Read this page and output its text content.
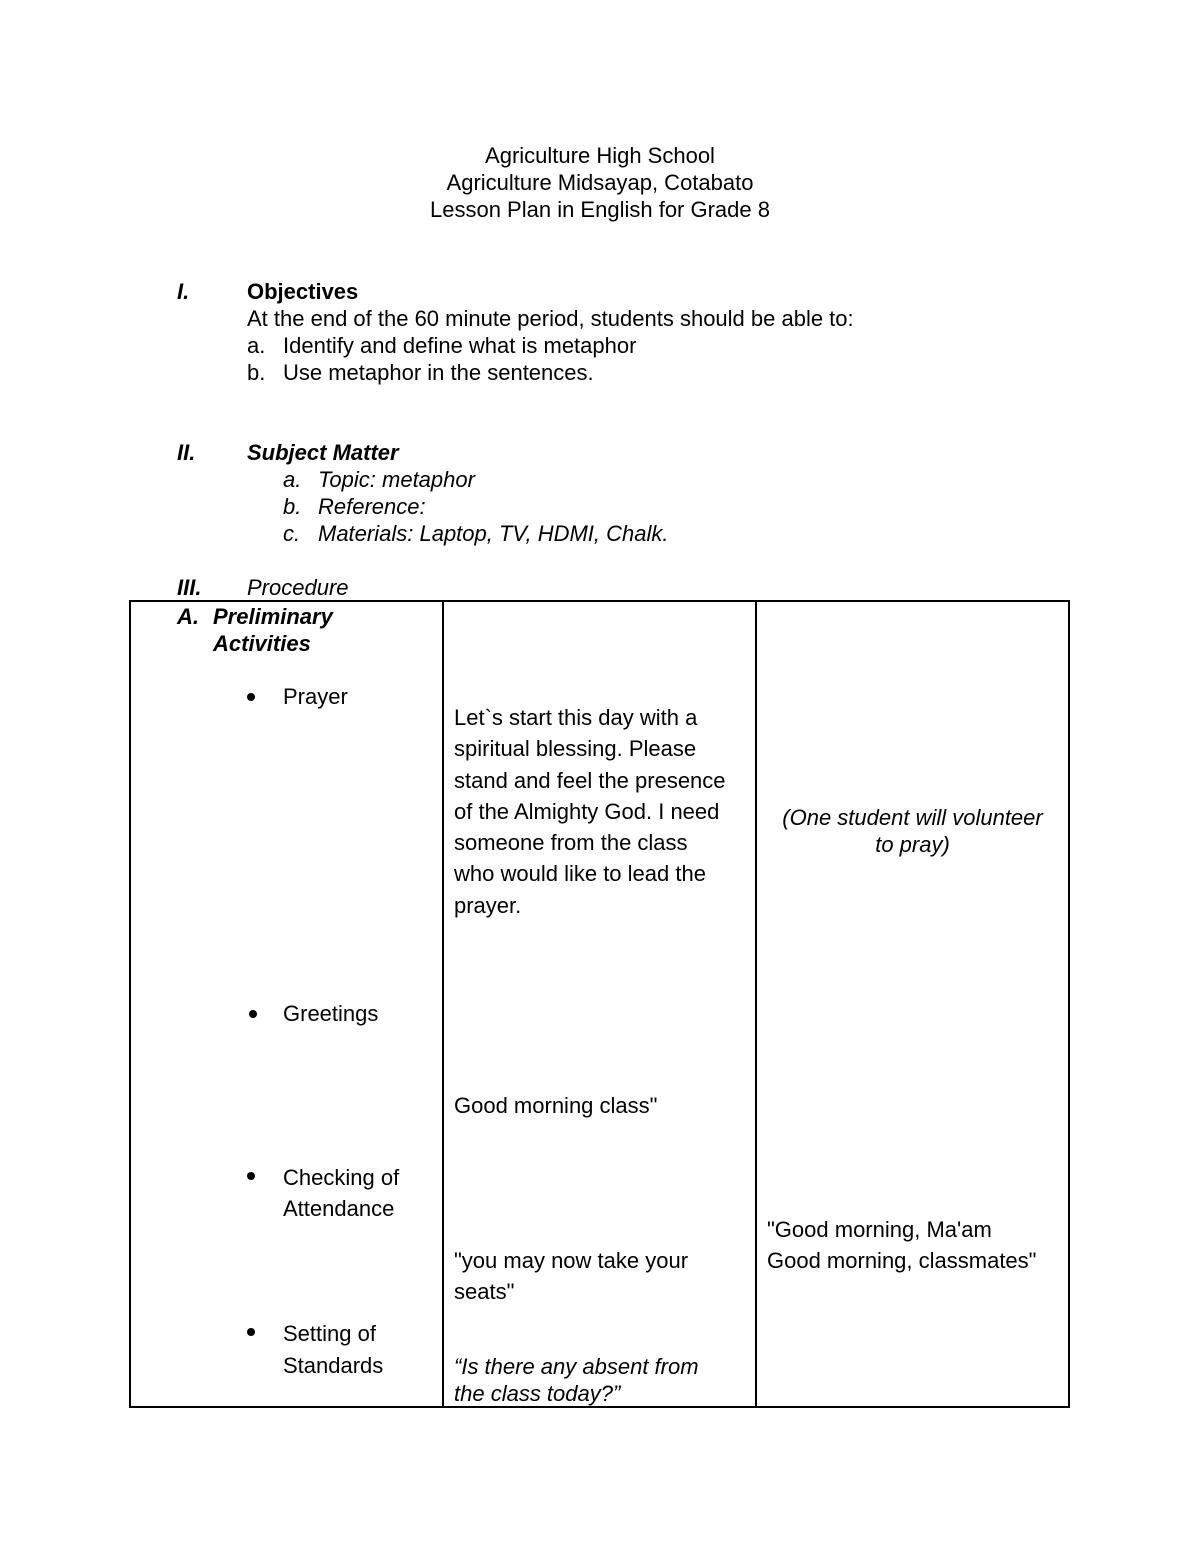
Agriculture High School
Agriculture Midsayap, Cotabato
Lesson Plan in English for Grade 8
I.	Objectives
At the end of the 60 minute period, students should be able to:
a. Identify and define what is metaphor
b. Use metaphor in the sentences.
II. Subject Matter
a. Topic: metaphor
b. Reference:
c. Materials: Laptop, TV, HDMI, Chalk.
III. Procedure
A. Preliminary
Activities
Prayer
Greetings
Checking of
Attendance
Setting of
Standards
Let`s start this day with a
spiritual blessing. Please
stand and feel the presence
of the Almighty God. I need
someone from the class
who would like to lead the
prayer.
Good morning class"
"you may now take your
seats"
“Is there any absent from
the class today?”
(One student will volunteer
to pray)
"Good morning, Ma'am
Good morning, classmates"
